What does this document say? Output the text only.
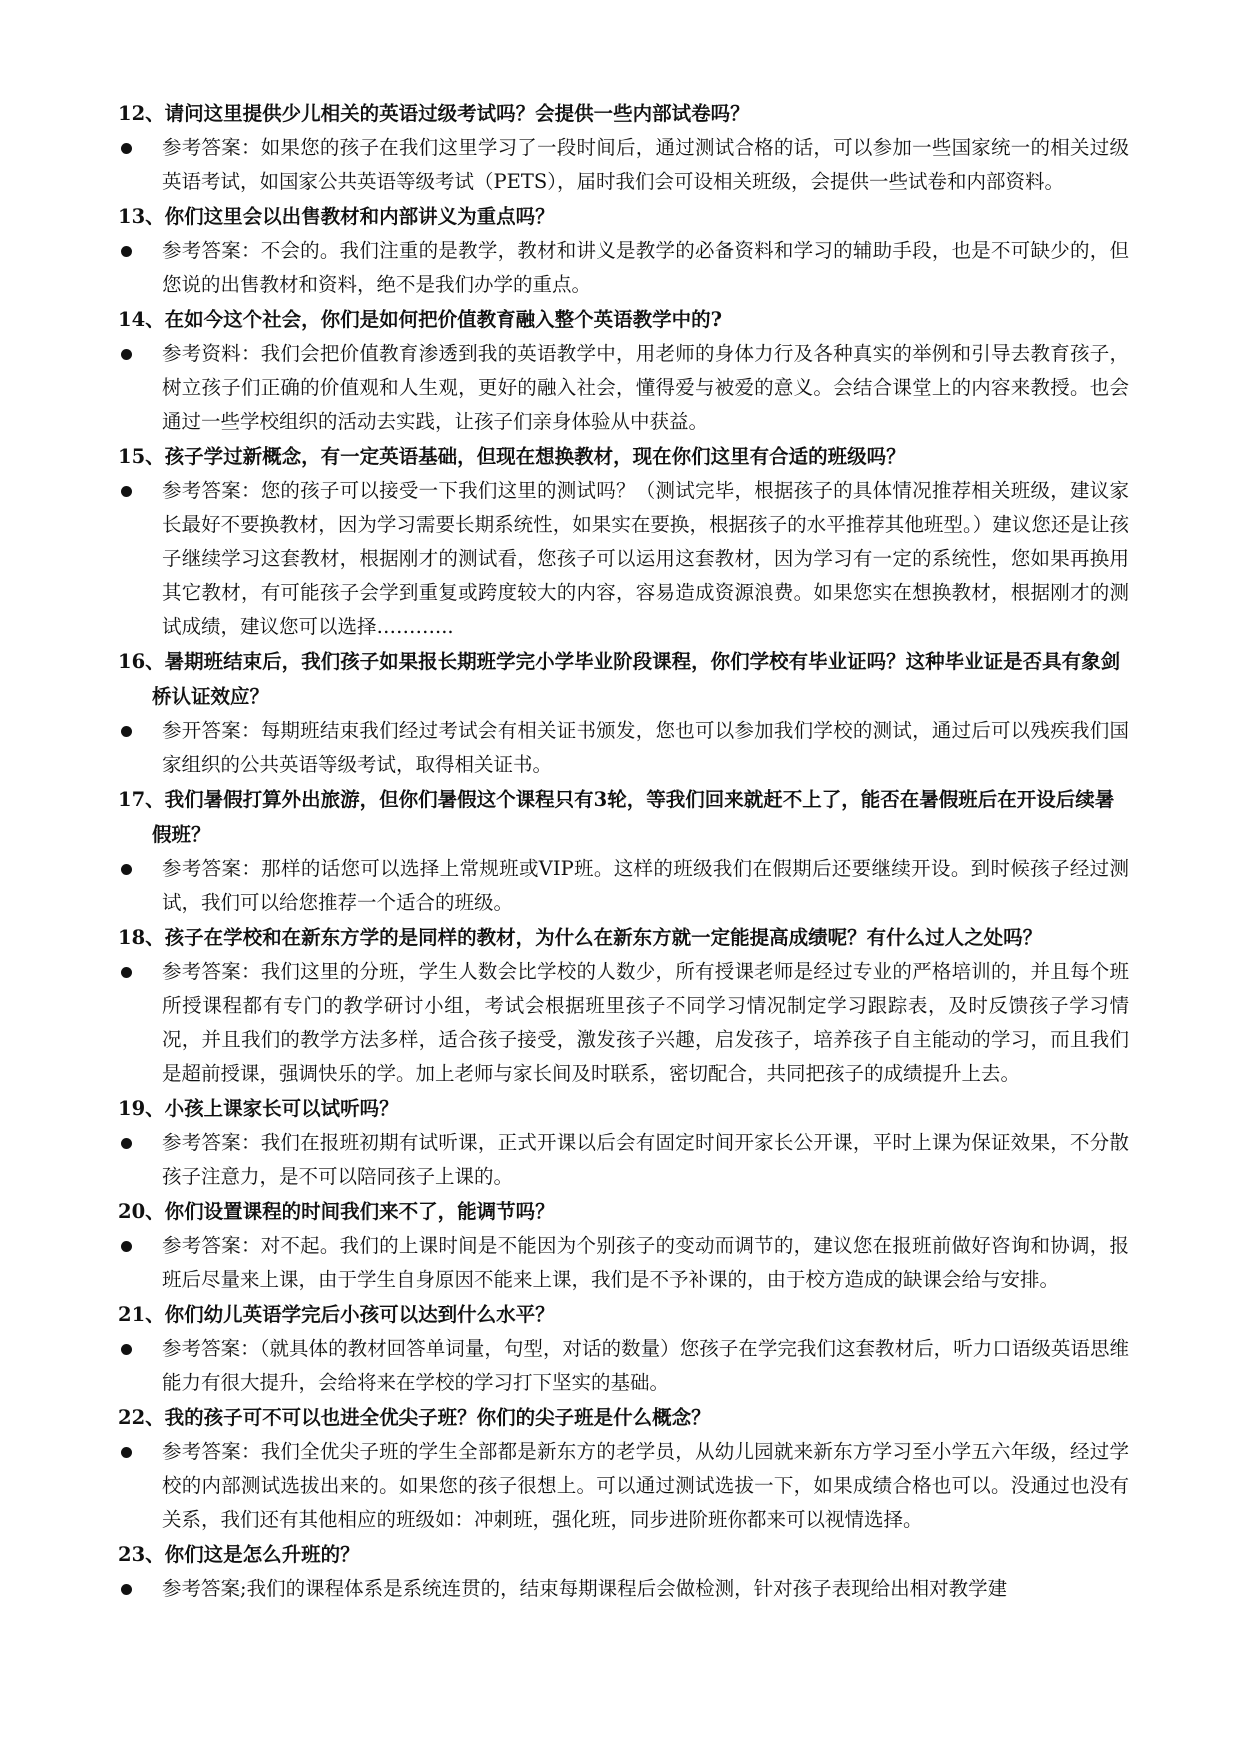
12、请问这里提供少儿相关的英语过级考试吗？会提供一些内部试卷吗？

参考答案：如果您的孩子在我们这里学习了一段时间后，通过测试合格的话，可以参加一些国家统一的相关过级英语考试，如国家公共英语等级考试（PETS），届时我们会可设相关班级，会提供一些试卷和内部资料。

13、你们这里会以出售教材和内部讲义为重点吗？

参考答案：不会的。我们注重的是教学，教材和讲义是教学的必备资料和学习的辅助手段，也是不可缺少的，但您说的出售教材和资料，绝不是我们办学的重点。

14、在如今这个社会，你们是如何把价值教育融入整个英语教学中的?

参考资料：我们会把价值教育渗透到我的英语教学中，用老师的身体力行及各种真实的举例和引导去教育孩子，树立孩子们正确的价值观和人生观，更好的融入社会，懂得爱与被爱的意义。会结合课堂上的内容来教授。也会通过一些学校组织的活动去实践，让孩子们亲身体验从中获益。

15、孩子学过新概念，有一定英语基础，但现在想换教材，现在你们这里有合适的班级吗？

参考答案：您的孩子可以接受一下我们这里的测试吗？（测试完毕，根据孩子的具体情况推荐相关班级，建议家长最好不要换教材，因为学习需要长期系统性，如果实在要换，根据孩子的水平推荐其他班型。）建议您还是让孩子继续学习这套教材，根据刚才的测试看，您孩子可以运用这套教材，因为学习有一定的系统性，您如果再换用其它教材，有可能孩子会学到重复或跨度较大的内容，容易造成资源浪费。如果您实在想换教材，根据刚才的测试成绩，建议您可以选择………...

16、暑期班结束后，我们孩子如果报长期班学完小学毕业阶段课程，你们学校有毕业证吗？这种毕业证是否具有象剑桥认证效应？

参开答案：每期班结束我们经过考试会有相关证书颁发，您也可以参加我们学校的测试，通过后可以残疾我们国家组织的公共英语等级考试，取得相关证书。

17、我们暑假打算外出旅游，但你们暑假这个课程只有3轮，等我们回来就赶不上了，能否在暑假班后在开设后续暑假班？

参考答案：那样的话您可以选择上常规班或VIP班。这样的班级我们在假期后还要继续开设。到时候孩子经过测试，我们可以给您推荐一个适合的班级。

18、孩子在学校和在新东方学的是同样的教材，为什么在新东方就一定能提高成绩呢？有什么过人之处吗？

参考答案：我们这里的分班，学生人数会比学校的人数少，所有授课老师是经过专业的严格培训的，并且每个班所授课程都有专门的教学研讨小组，考试会根据班里孩子不同学习情况制定学习跟踪表，及时反馈孩子学习情况，并且我们的教学方法多样，适合孩子接受，激发孩子兴趣，启发孩子，培养孩子自主能动的学习，而且我们是超前授课，强调快乐的学。加上老师与家长间及时联系，密切配合，共同把孩子的成绩提升上去。

19、小孩上课家长可以试听吗？

参考答案：我们在报班初期有试听课，正式开课以后会有固定时间开家长公开课，平时上课为保证效果，不分散孩子注意力，是不可以陪同孩子上课的。

20、你们设置课程的时间我们来不了，能调节吗？

参考答案：对不起。我们的上课时间是不能因为个别孩子的变动而调节的，建议您在报班前做好咨询和协调，报班后尽量来上课，由于学生自身原因不能来上课，我们是不予补课的，由于校方造成的缺课会给与安排。

21、你们幼儿英语学完后小孩可以达到什么水平？

参考答案：（就具体的教材回答单词量，句型，对话的数量）您孩子在学完我们这套教材后，听力口语级英语思维能力有很大提升，会给将来在学校的学习打下坚实的基础。

22、我的孩子可不可以也进全优尖子班？你们的尖子班是什么概念？

参考答案：我们全优尖子班的学生全部都是新东方的老学员，从幼儿园就来新东方学习至小学五六年级，经过学校的内部测试选拔出来的。如果您的孩子很想上。可以通过测试选拔一下，如果成绩合格也可以。没通过也没有关系，我们还有其他相应的班级如：冲刺班，强化班，同步进阶班你都来可以视情选择。

23、你们这是怎么升班的？

参考答案;我们的课程体系是系统连贯的，结束每期课程后会做检测，针对孩子表现给出相对教学建
